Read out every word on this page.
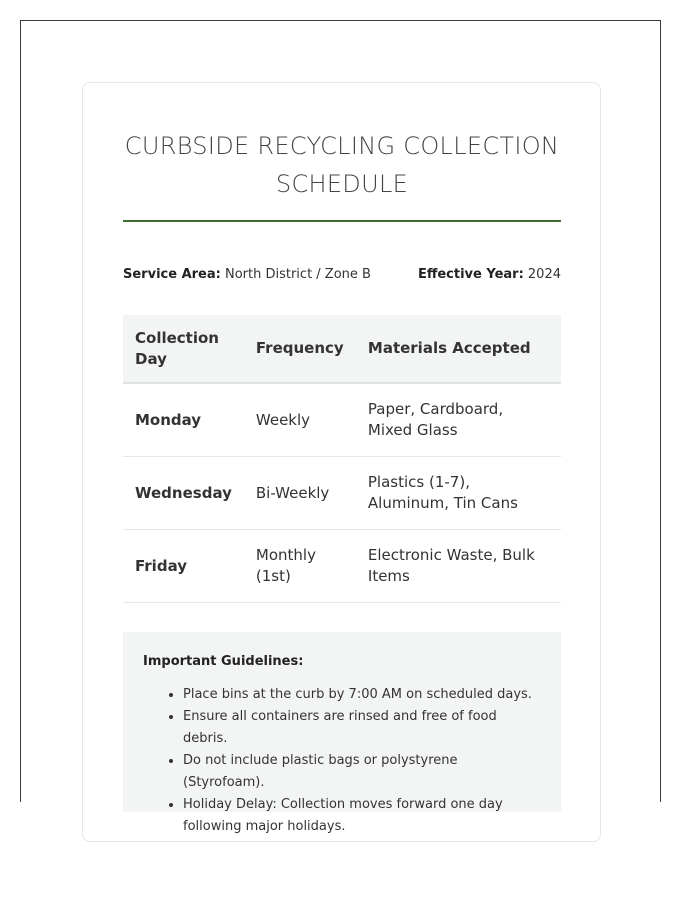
CURBSIDE RECYCLING COLLECTION SCHEDULE
Service Area: North District / Zone B	Effective Year: 2024
Collection Day	Frequency	Materials Accepted
Monday	Weekly	Paper, Cardboard, Mixed Glass
Wednesday	Bi-Weekly	Plastics (1-7), Aluminum, Tin Cans
Friday	Monthly (1st)	Electronic Waste, Bulk Items
Important Guidelines:
• Place bins at the curb by 7:00 AM on scheduled days.
• Ensure all containers are rinsed and free of food debris.
• Do not include plastic bags or polystyrene (Styrofoam).
• Holiday Delay: Collection moves forward one day following major holidays.
